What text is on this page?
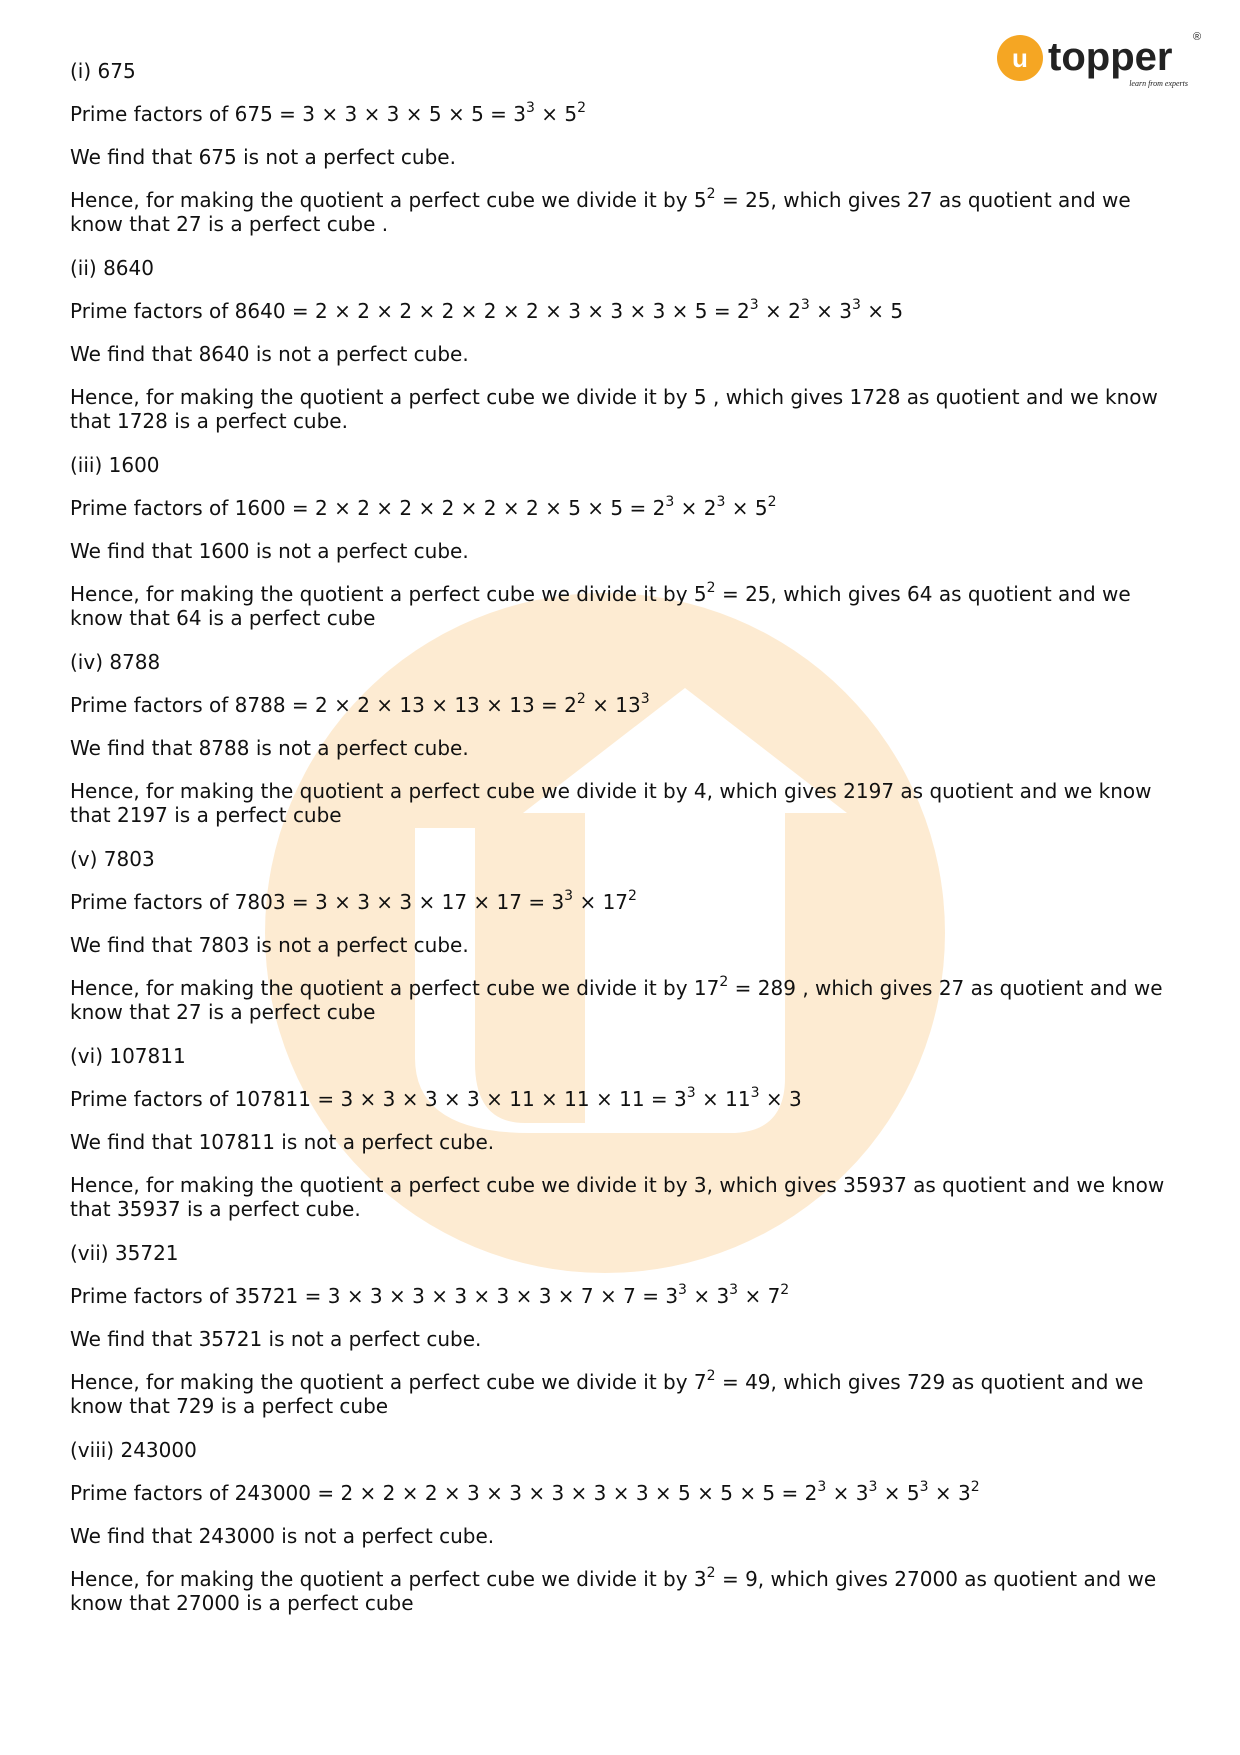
u topper ®
learn from experts

(i) 675

Prime factors of $675 = 3 \times 3 \times 3 \times 5 \times 5 = 3^3 \times 5^2$

We find that 675 is not a perfect cube.

Hence, for making the quotient a perfect cube we divide it by $5^2 = 25$, which gives 27 as quotient and we know that 27 is a perfect cube .

(ii) 8640

Prime factors of $8640 = 2 \times 2 \times 2 \times 2 \times 2 \times 2 \times 3 \times 3 \times 3 \times 5 = 2^3 \times 2^3 \times 3^3 \times 5$

We find that 8640 is not a perfect cube.

Hence, for making the quotient a perfect cube we divide it by 5 , which gives 1728 as quotient and we know that 1728 is a perfect cube.

(iii) 1600

Prime factors of $1600 = 2 \times 2 \times 2 \times 2 \times 2 \times 2 \times 5 \times 5 = 2^3 \times 2^3 \times 5^2$

We find that 1600 is not a perfect cube.

Hence, for making the quotient a perfect cube we divide it by $5^2 = 25$, which gives 64 as quotient and we know that 64 is a perfect cube

(iv) 8788

Prime factors of $8788 = 2 \times 2 \times 13 \times 13 \times 13 = 2^2 \times 13^3$

We find that 8788 is not a perfect cube.

Hence, for making the quotient a perfect cube we divide it by 4, which gives 2197 as quotient and we know that 2197 is a perfect cube

(v) 7803

Prime factors of $7803 = 3 \times 3 \times 3 \times 17 \times 17 = 3^3 \times 17^2$

We find that 7803 is not a perfect cube.

Hence, for making the quotient a perfect cube we divide it by $17^2 = 289$ , which gives 27 as quotient and we know that 27 is a perfect cube

(vi) 107811

Prime factors of $107811 = 3 \times 3 \times 3 \times 3 \times 11 \times 11 \times 11 = 3^3 \times 11^3 \times 3$

We find that 107811 is not a perfect cube.

Hence, for making the quotient a perfect cube we divide it by 3, which gives 35937 as quotient and we know that 35937 is a perfect cube.

(vii) 35721

Prime factors of $35721 = 3 \times 3 \times 3 \times 3 \times 3 \times 3 \times 7 \times 7 = 3^3 \times 3^3 \times 7^2$

We find that 35721 is not a perfect cube.

Hence, for making the quotient a perfect cube we divide it by $7^2 = 49$, which gives 729 as quotient and we know that 729 is a perfect cube

(viii) 243000

Prime factors of $243000 = 2 \times 2 \times 2 \times 3 \times 3 \times 3 \times 3 \times 3 \times 5 \times 5 \times 5 = 2^3 \times 3^3 \times 5^3 \times 3^2$

We find that 243000 is not a perfect cube.

Hence, for making the quotient a perfect cube we divide it by $3^2 = 9$, which gives 27000 as quotient and we know that 27000 is a perfect cube
